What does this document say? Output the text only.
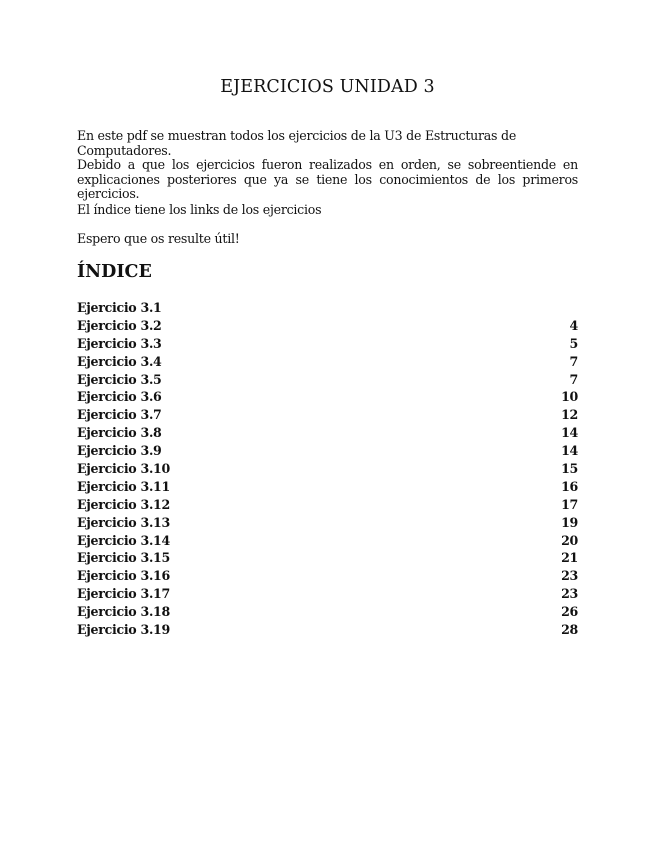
EJERCICIOS UNIDAD 3

En este pdf se muestran todos los ejercicios de la U3 de Estructuras de Computadores.

Debido a que los ejercicios fueron realizados en orden, se sobreentiende en explicaciones posteriores que ya se tiene los conocimientos de los primeros ejercicios.

El índice tiene los links de los ejercicios

Espero que os resulte útil!

ÍNDICE
Ejercicio 3.1
Ejercicio 3.2	4
Ejercicio 3.3	5
Ejercicio 3.4	7
Ejercicio 3.5	7
Ejercicio 3.6	10
Ejercicio 3.7	12
Ejercicio 3.8	14
Ejercicio 3.9	14
Ejercicio 3.10	15
Ejercicio 3.11	16
Ejercicio 3.12	17
Ejercicio 3.13	19
Ejercicio 3.14	20
Ejercicio 3.15	21
Ejercicio 3.16	23
Ejercicio 3.17	23
Ejercicio 3.18	26
Ejercicio 3.19	28
